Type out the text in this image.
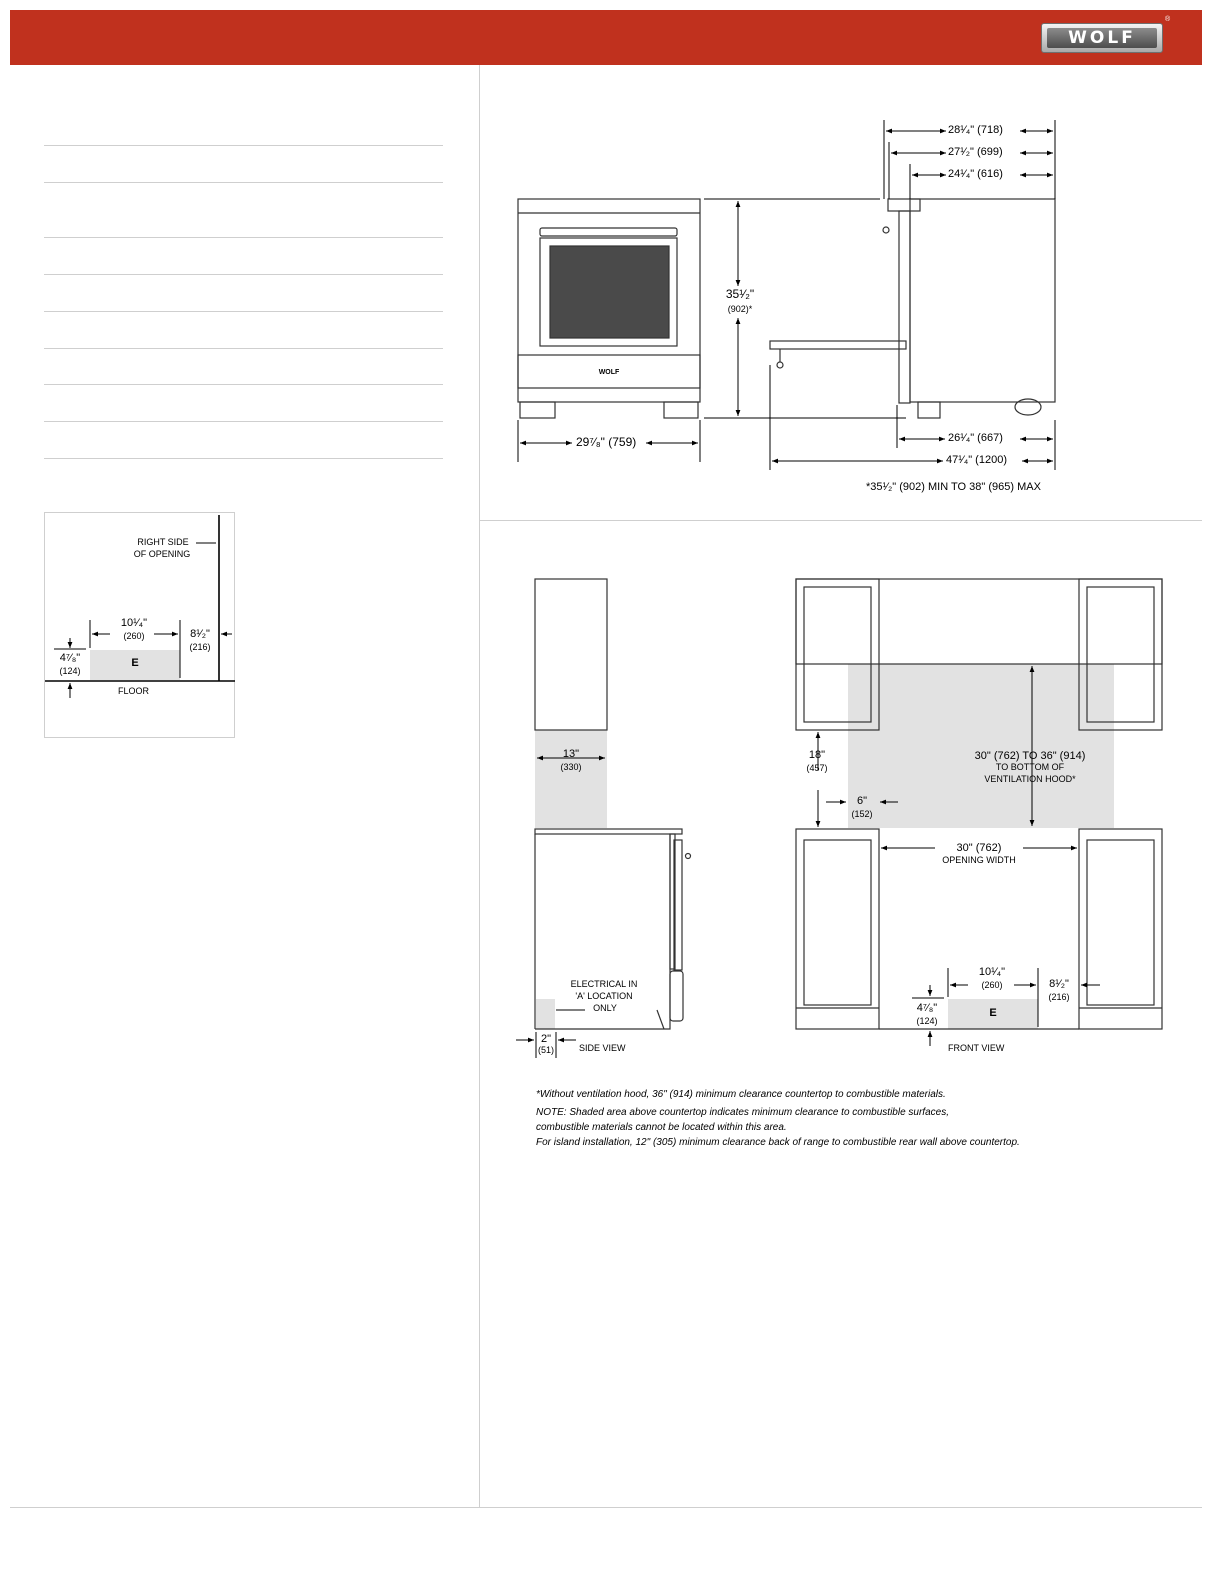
WOLF
®
WOLF
28¹⁄₄" (718)
27¹⁄₂" (699)
24¹⁄₄" (616)
35¹⁄₂"
(902)*
29⁷⁄₈" (759)	26¹⁄₄" (667)
47¹⁄₄" (1200)
*35¹⁄₂" (902) MIN TO 38" (965) MAX
RIGHT SIDE
OF OPENING
10¹⁄₄"
(260)	8¹⁄₂"
(216)
4⁷⁄₈"
(124)
E
FLOOR
13"
(330)
ELECTRICAL IN
'A' LOCATION
ONLY
2"
(51)	SIDE VIEW
18"
(457)
30" (762) TO 36" (914)
TO BOTTOM OF
VENTILATION HOOD*
6"
(152)
30" (762)
OPENING WIDTH
10¹⁄₄"
(260)	8¹⁄₂"
(216)
4⁷⁄₈"
(124)
E
FRONT VIEW
*Without ventilation hood, 36" (914) minimum clearance countertop to combustible materials.
NOTE: Shaded area above countertop indicates minimum clearance to combustible surfaces,
combustible materials cannot be located within this area.
For island installation, 12" (305) minimum clearance back of range to combustible rear wall above countertop.
